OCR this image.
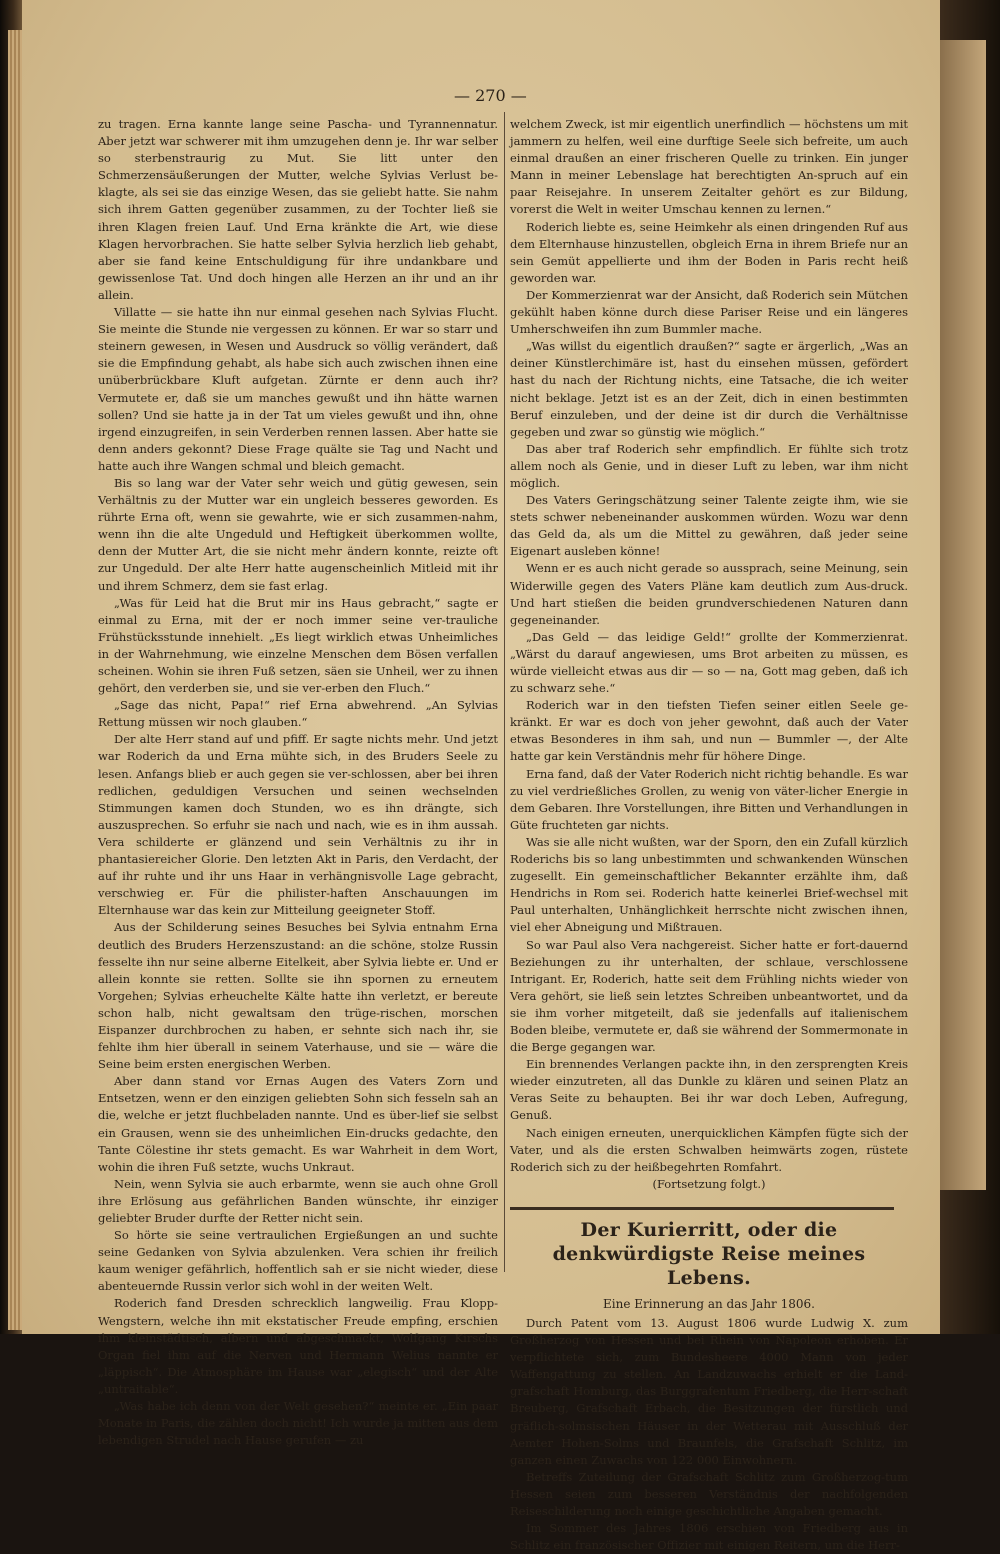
— 270 —

zu tragen. Erna kannte lange seine Pascha- und Tyrannennatur. Aber jetzt war schwerer mit ihm umzugehen denn je. Ihr war selber so sterbenstraurig zu Mut. Sie litt unter den Schmerzensäußerungen der Mutter, welche Sylvias Verlust be-klagte, als sei sie das einzige Wesen, das sie geliebt hatte. Sie nahm sich ihrem Gatten gegenüber zusammen, zu der Tochter ließ sie ihren Klagen freien Lauf. Und Erna kränkte die Art, wie diese Klagen hervorbrachen. Sie hatte selber Sylvia herzlich lieb gehabt, aber sie fand keine Entschuldigung für ihre undankbare und gewissenlose Tat. Und doch hingen alle Herzen an ihr und an ihr allein.

Villatte — sie hatte ihn nur einmal gesehen nach Sylvias Flucht. Sie meinte die Stunde nie vergessen zu können. Er war so starr und steinern gewesen, in Wesen und Ausdruck so völlig verändert, daß sie die Empfindung gehabt, als habe sich auch zwischen ihnen eine unüberbrückbare Kluft aufgetan. Zürnte er denn auch ihr? Vermutete er, daß sie um manches gewußt und ihn hätte warnen sollen? Und sie hatte ja in der Tat um vieles gewußt und ihn, ohne irgend einzugreifen, in sein Verderben rennen lassen. Aber hatte sie denn anders gekonnt? Diese Frage quälte sie Tag und Nacht und hatte auch ihre Wangen schmal und bleich gemacht.

Bis so lang war der Vater sehr weich und gütig gewesen, sein Verhältnis zu der Mutter war ein ungleich besseres geworden. Es rührte Erna oft, wenn sie gewahrte, wie er sich zusammen-nahm, wenn ihn die alte Ungeduld und Heftigkeit überkommen wollte, denn der Mutter Art, die sie nicht mehr ändern konnte, reizte oft zur Ungeduld. Der alte Herr hatte augenscheinlich Mitleid mit ihr und ihrem Schmerz, dem sie fast erlag.

„Was für Leid hat die Brut mir ins Haus gebracht,“ sagte er einmal zu Erna, mit der er noch immer seine ver-trauliche Frühstücksstunde innehielt. „Es liegt wirklich etwas Unheimliches in der Wahrnehmung, wie einzelne Menschen dem Bösen verfallen scheinen. Wohin sie ihren Fuß setzen, säen sie Unheil, wer zu ihnen gehört, den verderben sie, und sie ver-erben den Fluch.“

„Sage das nicht, Papa!“ rief Erna abwehrend. „An Sylvias Rettung müssen wir noch glauben.“

Der alte Herr stand auf und pfiff. Er sagte nichts mehr. Und jetzt war Roderich da und Erna mühte sich, in des Bruders Seele zu lesen. Anfangs blieb er auch gegen sie ver-schlossen, aber bei ihren redlichen, geduldigen Versuchen und seinen wechselnden Stimmungen kamen doch Stunden, wo es ihn drängte, sich auszusprechen. So erfuhr sie nach und nach, wie es in ihm aussah. Vera schilderte er glänzend und sein Verhältnis zu ihr in phantasiereicher Glorie. Den letzten Akt in Paris, den Verdacht, der auf ihr ruhte und ihr uns Haar in verhängnisvolle Lage gebracht, verschwieg er. Für die philister-haften Anschauungen im Elternhause war das kein zur Mitteilung geeigneter Stoff.

Aus der Schilderung seines Besuches bei Sylvia entnahm Erna deutlich des Bruders Herzenszustand: an die schöne, stolze Russin fesselte ihn nur seine alberne Eitelkeit, aber Sylvia liebte er. Und er allein konnte sie retten. Sollte sie ihn spornen zu erneutem Vorgehen; Sylvias erheuchelte Kälte hatte ihn verletzt, er bereute schon halb, nicht gewaltsam den trüge-rischen, morschen Eispanzer durchbrochen zu haben, er sehnte sich nach ihr, sie fehlte ihm hier überall in seinem Vaterhause, und sie — wäre die Seine beim ersten energischen Werben.

Aber dann stand vor Ernas Augen des Vaters Zorn und Entsetzen, wenn er den einzigen geliebten Sohn sich fesseln sah an die, welche er jetzt fluchbeladen nannte. Und es über-lief sie selbst ein Grausen, wenn sie des unheimlichen Ein-drucks gedachte, den Tante Cölestine ihr stets gemacht. Es war Wahrheit in dem Wort, wohin die ihren Fuß setzte, wuchs Unkraut.

Nein, wenn Sylvia sie auch erbarmte, wenn sie auch ohne Groll ihre Erlösung aus gefährlichen Banden wünschte, ihr einziger geliebter Bruder durfte der Retter nicht sein.

So hörte sie seine vertraulichen Ergießungen an und suchte seine Gedanken von Sylvia abzulenken. Vera schien ihr freilich kaum weniger gefährlich, hoffentlich sah er sie nicht wieder, diese abenteuernde Russin verlor sich wohl in der weiten Welt.

Roderich fand Dresden schrecklich langweilig. Frau Klopp-Wengstern, welche ihn mit ekstatischer Freude empfing, erschien ihm kleinstädtisch, albern und abgeschmackt, Wolfgang Kirschs Organ fiel ihm auf die Nerven und Hermann Welius nannte er „läppisch“. Die Atmosphäre im Hause war „elegisch“ und der Alte „untraitable“.

„Was habe ich denn von der Welt gesehen?“ meinte er. „Ein paar Monate in Paris, die zählen doch nicht! Ich wurde ja mitten aus dem lebendigen Strudel nach Hause gerufen — zu

welchem Zweck, ist mir eigentlich unerfindlich — höchstens um mit jammern zu helfen, weil eine durftige Seele sich befreite, um auch einmal draußen an einer frischeren Quelle zu trinken. Ein junger Mann in meiner Lebenslage hat berechtigten An-spruch auf ein paar Reisejahre. In unserem Zeitalter gehört es zur Bildung, vorerst die Welt in weiter Umschau kennen zu lernen.“

Roderich liebte es, seine Heimkehr als einen dringenden Ruf aus dem Elternhause hinzustellen, obgleich Erna in ihrem Briefe nur an sein Gemüt appellierte und ihm der Boden in Paris recht heiß geworden war.

Der Kommerzienrat war der Ansicht, daß Roderich sein Mütchen gekühlt haben könne durch diese Pariser Reise und ein längeres Umherschweifen ihn zum Bummler mache.

„Was willst du eigentlich draußen?“ sagte er ärgerlich, „Was an deiner Künstlerchimäre ist, hast du einsehen müssen, gefördert hast du nach der Richtung nichts, eine Tatsache, die ich weiter nicht beklage. Jetzt ist es an der Zeit, dich in einen bestimmten Beruf einzuleben, und der deine ist dir durch die Verhältnisse gegeben und zwar so günstig wie möglich.“

Das aber traf Roderich sehr empfindlich. Er fühlte sich trotz allem noch als Genie, und in dieser Luft zu leben, war ihm nicht möglich.

Des Vaters Geringschätzung seiner Talente zeigte ihm, wie sie stets schwer nebeneinander auskommen würden. Wozu war denn das Geld da, als um die Mittel zu gewähren, daß jeder seine Eigenart ausleben könne!

Wenn er es auch nicht gerade so aussprach, seine Meinung, sein Widerwille gegen des Vaters Pläne kam deutlich zum Aus-druck. Und hart stießen die beiden grundverschiedenen Naturen dann gegeneinander.

„Das Geld — das leidige Geld!“ grollte der Kommerzienrat. „Wärst du darauf angewiesen, ums Brot arbeiten zu müssen, es würde vielleicht etwas aus dir — so — na, Gott mag geben, daß ich zu schwarz sehe.“

Roderich war in den tiefsten Tiefen seiner eitlen Seele ge-kränkt. Er war es doch von jeher gewohnt, daß auch der Vater etwas Besonderes in ihm sah, und nun — Bummler —, der Alte hatte gar kein Verständnis mehr für höhere Dinge.

Erna fand, daß der Vater Roderich nicht richtig behandle. Es war zu viel verdrießliches Grollen, zu wenig von väter-licher Energie in dem Gebaren. Ihre Vorstellungen, ihre Bitten und Verhandlungen in Güte fruchteten gar nichts.

Was sie alle nicht wußten, war der Sporn, den ein Zufall kürzlich Roderichs bis so lang unbestimmten und schwankenden Wünschen zugesellt. Ein gemeinschaftlicher Bekannter erzählte ihm, daß Hendrichs in Rom sei. Roderich hatte keinerlei Brief-wechsel mit Paul unterhalten, Unhänglichkeit herrschte nicht zwischen ihnen, viel eher Abneigung und Mißtrauen.

So war Paul also Vera nachgereist. Sicher hatte er fort-dauernd Beziehungen zu ihr unterhalten, der schlaue, verschlossene Intrigant. Er, Roderich, hatte seit dem Frühling nichts wieder von Vera gehört, sie ließ sein letztes Schreiben unbeantwortet, und da sie ihm vorher mitgeteilt, daß sie jedenfalls auf italienischem Boden bleibe, vermutete er, daß sie während der Sommermonate in die Berge gegangen war.

Ein brennendes Verlangen packte ihn, in den zersprengten Kreis wieder einzutreten, all das Dunkle zu klären und seinen Platz an Veras Seite zu behaupten. Bei ihr war doch Leben, Aufregung, Genuß.

Nach einigen erneuten, unerquicklichen Kämpfen fügte sich der Vater, und als die ersten Schwalben heimwärts zogen, rüstete Roderich sich zu der heißbegehrten Romfahrt.

(Fortsetzung folgt.)

Der Kurierritt, oder die denkwürdigste Reise meines Lebens.

Eine Erinnerung an das Jahr 1806.

Durch Patent vom 13. August 1806 wurde Ludwig X. zum Großherzog von Hessen und bei Rhein von Napoleon erhoben. Er verpflichtete sich, zum Bundesheere 4000 Mann von jeder Waffengattung zu stellen. An Landzuwachs erhielt er die Land-grafschaft Homburg, das Burggrafentum Friedberg, die Herr-schaft Breuberg, Grafschaft Erbach, die Besitzungen der fürstlich und gräflich-solmsischen Häuser in der Wetterau mit Ausschluß der Aemter Hohen-Solms und Braunfels, die Grafschaft Schlitz, im ganzen einen Zuwachs von 122 000 Einwohnern.

Betreffs Zuteilung der Grafschaft Schlitz zum Großherzog-tum Hessen seien zum besseren Verständnis der nachfolgenden Reiseschilderung noch einige geschichtliche Angaben gemacht.

Im Sommer des Jahres 1806 erschien von Friedberg aus in Schlitz ein französischer Offizier mit einigen Reitern, um die Herr-
